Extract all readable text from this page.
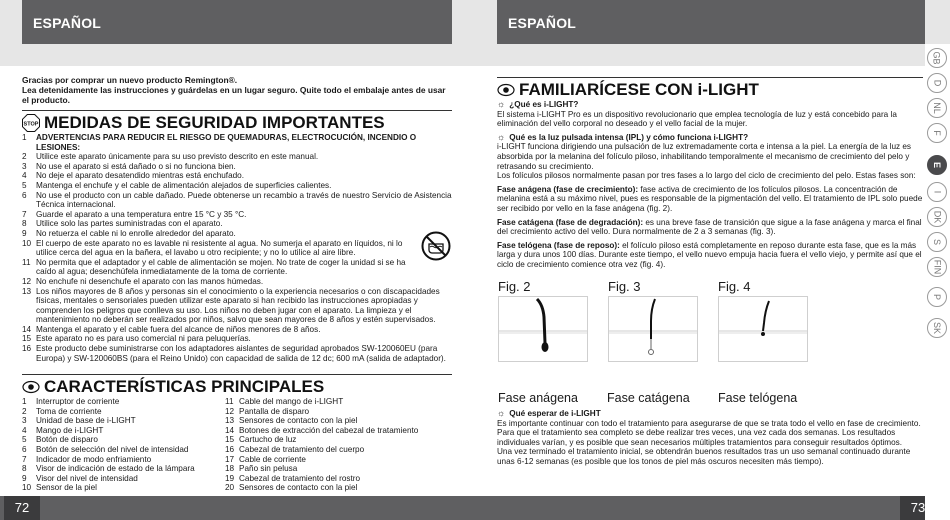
ESPAÑOL
Gracias por comprar un nuevo producto Remington®.
Lea detenidamente las instrucciones y guárdelas en un lugar seguro. Quite todo el embalaje antes de usar el producto.
STOP MEDIDAS DE SEGURIDAD IMPORTANTES
1	ADVERTENCIAS PARA REDUCIR EL RIESGO DE QUEMADURAS, ELECTROCUCIÓN, INCENDIO O LESIONES:
2	Utilice este aparato únicamente para su uso previsto descrito en este manual.
3	No use el aparato si está dañado o si no funciona bien.
4	No deje el aparato desatendido mientras está enchufado.
5	Mantenga el enchufe y el cable de alimentación alejados de superficies calientes.
6	No use el producto con un cable dañado. Puede obtenerse un recambio a través de nuestro Servicio de Asistencia Técnica internacional.
7	Guarde el aparato a una temperatura entre 15 °C y 35 °C.
8	Utilice solo las partes suministradas con el aparato.
9	No retuerza el cable ni lo enrolle alrededor del aparato.
10 El cuerpo de este aparato no es lavable ni resistente al agua. No sumerja el aparato en líquidos, ni lo utilice cerca del agua en la bañera, el lavabo u otro recipiente; y no lo utilice al aire libre.
11 No permita que el adaptador y el cable de alimentación se mojen. No trate de coger la unidad si se ha caído al agua; desenchúfela inmediatamente de la toma de corriente.
12 No enchufe ni desenchufe el aparato con las manos húmedas.
13 Los niños mayores de 8 años y personas sin el conocimiento o la experiencia necesarios o con discapacidades físicas, mentales o sensoriales pueden utilizar este aparato si han recibido las instrucciones apropiadas y comprenden los peligros que conlleva su uso. Los niños no deben jugar con el aparato. La limpieza y el mantenimiento no deberán ser realizados por niños, salvo que sean mayores de 8 años y estén supervisados.
14 Mantenga el aparato y el cable fuera del alcance de niños menores de 8 años.
15 Este aparato no es para uso comercial ni para peluquerías.
16 Este producto debe suministrarse con los adaptadores aislantes de seguridad aprobados SW-120060EU (para Europa) y SW-120060BS (para el Reino Unido) con capacidad de salida de 12 dc; 600 mA (salida de adaptador).
CARACTERÍSTICAS PRINCIPALES
1	Interruptor de corriente
2	Toma de corriente
3	Unidad de base de i-LIGHT
4	Mango de i-LIGHT
5	Botón de disparo
6	Botón de selección del nivel de intensidad
7	Indicador de modo enfriamiento
8	Visor de indicación de estado de la lámpara
9	Visor del nivel de intensidad
10 Sensor de la piel
11 Cable del mango de i-LIGHT
12 Pantalla de disparo
13 Sensores de contacto con la piel
14 Botones de extracción del cabezal de tratamiento
15 Cartucho de luz
16 Cabezal de tratamiento del cuerpo
17 Cable de corriente
18 Paño sin pelusa
19 Cabezal de tratamiento del rostro
20 Sensores de contacto con la piel
72
ESPAÑOL
73
FAMILIARÍCESE CON i-LIGHT
☼ ¿Qué es i-LIGHT?

El sistema i-LIGHT Pro es un dispositivo revolucionario que emplea tecnología de luz y está concebido para la eliminación del vello corporal no deseado y el vello facial de la mujer.

☼ Qué es la luz pulsada intensa (IPL) y cómo funciona i-LIGHT?

i-LIGHT funciona dirigiendo una pulsación de luz extremadamente corta e intensa a la piel. La energía de la luz es absorbida por la melanina del folículo piloso, inhabilitando temporalmente el mecanismo de crecimiento del pelo y retrasando su crecimiento.

Los folículos pilosos normalmente pasan por tres fases a lo largo del ciclo de crecimiento del pelo. Estas fases son:

Fase anágena (fase de crecimiento): fase activa de crecimiento de los folículos pilosos. La concentración de melanina está a su máximo nivel, pues es responsable de la pigmentación del vello. El tratamiento de IPL solo puede ser recibido por vello en la fase anágena (fig. 2).

Fase catágena (fase de degradación): es una breve fase de transición que sigue a la fase anágena y marca el final del crecimiento activo del vello. Dura normalmente de 2 a 3 semanas (fig. 3).

Fase telógena (fase de reposo): el folículo piloso está completamente en reposo durante esta fase, que es la más larga y dura unos 100 días. Durante este tiempo, el vello nuevo empuja hacia fuera el vello viejo, y permite así que el ciclo de crecimiento comience otra vez (fig. 4).

Fig. 2	Fig. 3	Fig. 4
Fase anágena Fase catágena Fase telógena
☼ Qué esperar de i-LIGHT

Es importante continuar con todo el tratamiento para asegurarse de que se trata todo el vello en fase de crecimiento. Para que el tratamiento sea completo se debe realizar tres veces, una vez cada dos semanas. Los resultados individuales varían, y es posible que sean necesarios múltiples tratamientos para conseguir resultados óptimos.

Una vez terminado el tratamiento inicial, se obtendrán buenos resultados tras un uso semanal continuado durante unas 6-12 semanas (es posible que los tonos de piel más oscuros necesiten más tiempo).

GB
D
NL
F
E
I
DK
S
FIN
P
SK
